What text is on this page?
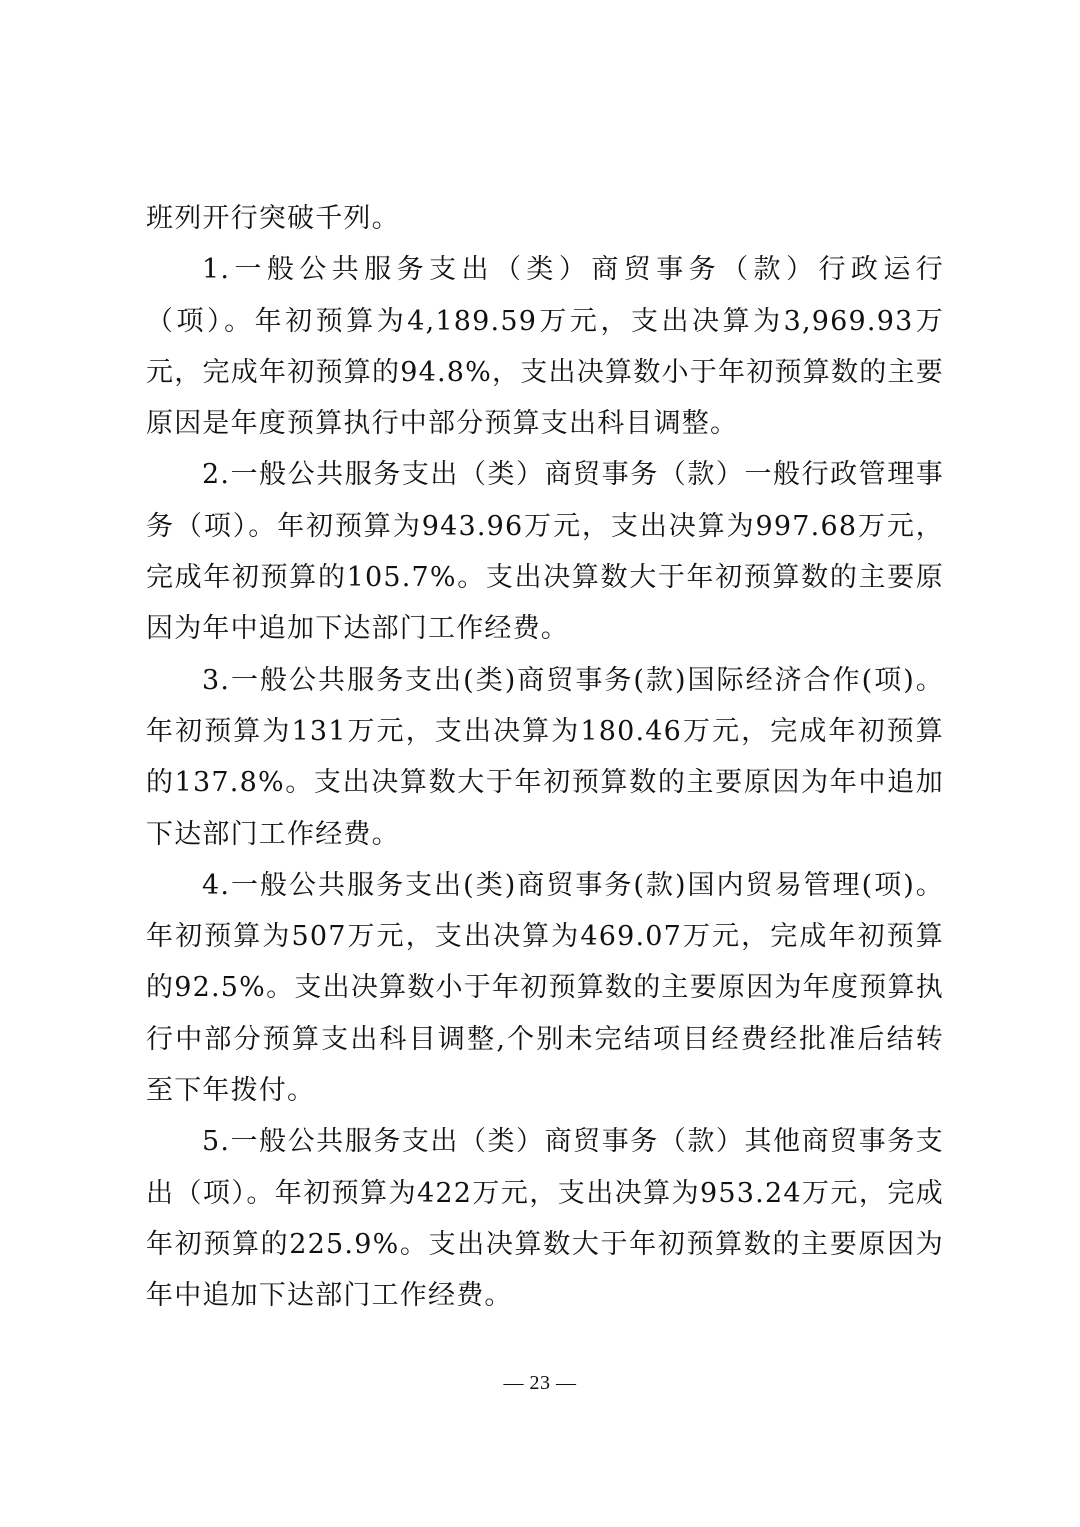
班列开行突破千列。

1.一般公共服务支出（类）商贸事务（款）行政运行（项）。年初预算为4,189.59万元，支出决算为3,969.93万元，完成年初预算的94.8%，支出决算数小于年初预算数的主要原因是年度预算执行中部分预算支出科目调整。

2.一般公共服务支出（类）商贸事务（款）一般行政管理事务（项）。年初预算为943.96万元，支出决算为997.68万元，完成年初预算的105.7%。支出决算数大于年初预算数的主要原因为年中追加下达部门工作经费。

3.一般公共服务支出(类)商贸事务(款)国际经济合作(项)。年初预算为131万元，支出决算为180.46万元，完成年初预算的137.8%。支出决算数大于年初预算数的主要原因为年中追加下达部门工作经费。

4.一般公共服务支出(类)商贸事务(款)国内贸易管理(项)。年初预算为507万元，支出决算为469.07万元，完成年初预算的92.5%。支出决算数小于年初预算数的主要原因为年度预算执行中部分预算支出科目调整,个别未完结项目经费经批准后结转至下年拨付。

5.一般公共服务支出（类）商贸事务（款）其他商贸事务支出（项）。年初预算为422万元，支出决算为953.24万元，完成年初预算的225.9%。支出决算数大于年初预算数的主要原因为年中追加下达部门工作经费。

— 23 —
